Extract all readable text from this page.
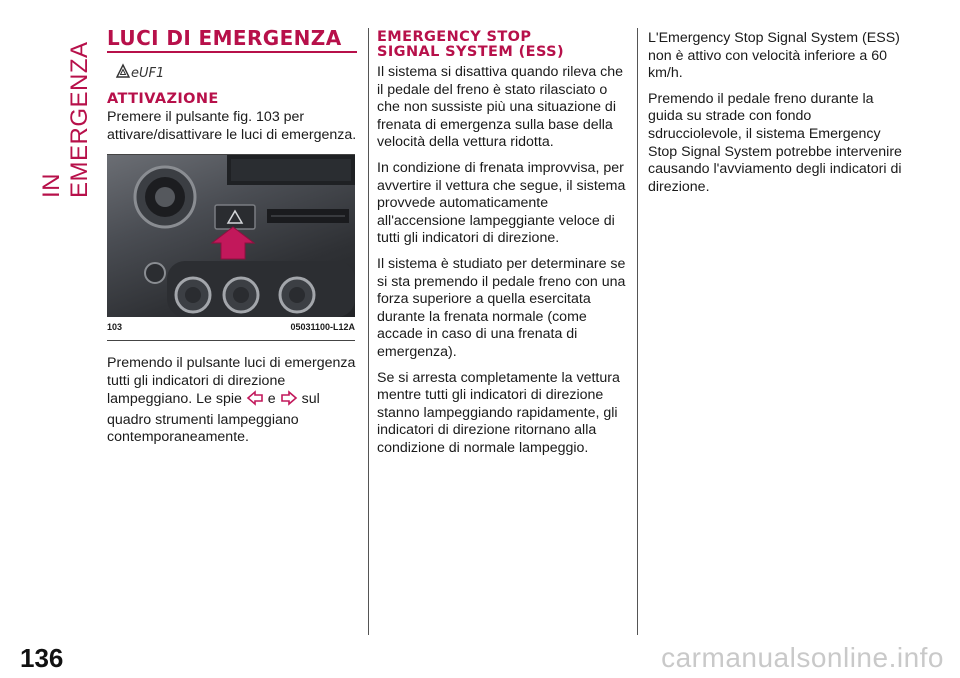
IN EMERGENZA
136	carmanualsonline.info
LUCI DI EMERGENZA
eUF1
ATTIVAZIONE

Premere il pulsante fig. 103 per attivare/disattivare le luci di emergenza.

103	05031100-L12A

Premendo il pulsante luci di emergenza tutti gli indicatori di direzione lampeggiano. Le spie e sul quadro strumenti lampeggiano contemporaneamente.

EMERGENCY STOP
SIGNAL SYSTEM (ESS)

Il sistema si disattiva quando rileva che il pedale del freno è stato rilasciato o che non sussiste più una situazione di frenata di emergenza sulla base della velocità della vettura ridotta.

In condizione di frenata improvvisa, per avvertire il vettura che segue, il sistema provvede automaticamente all'accensione lampeggiante veloce di tutti gli indicatori di direzione.

Il sistema è studiato per determinare se si sta premendo il pedale freno con una forza superiore a quella esercitata durante la frenata normale (come accade in caso di una frenata di emergenza).

Se si arresta completamente la vettura mentre tutti gli indicatori di direzione stanno lampeggiando rapidamente, gli indicatori di direzione ritornano alla condizione di normale lampeggio.

L'Emergency Stop Signal System (ESS) non è attivo con velocità inferiore a 60 km/h.

Premendo il pedale freno durante la guida su strade con fondo sdrucciolevole, il sistema Emergency Stop Signal System potrebbe intervenire causando l'avviamento degli indicatori di direzione.
